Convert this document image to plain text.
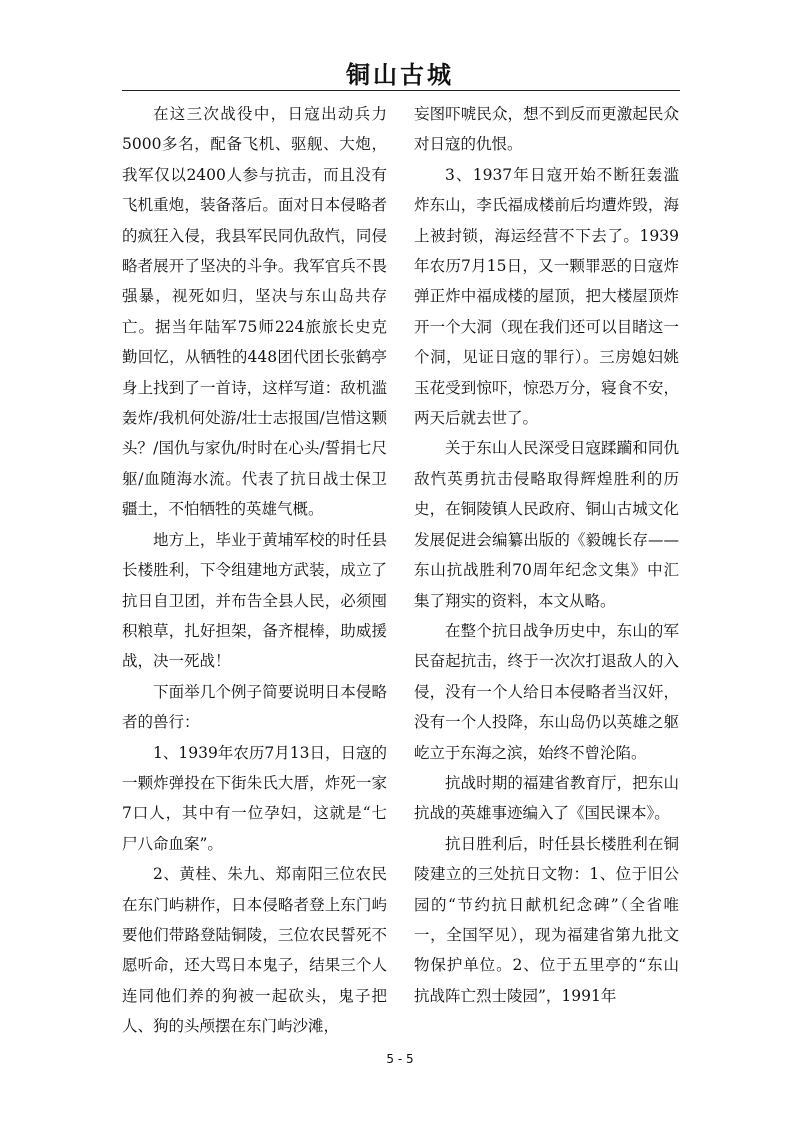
铜山古城

在这三次战役中，日寇出动兵力5000多名，配备飞机、驱舰、大炮，我军仅以2400人参与抗击，而且没有飞机重炮，装备落后。面对日本侵略者的疯狂入侵，我县军民同仇敌忾，同侵略者展开了坚决的斗争。我军官兵不畏强暴，视死如归，坚决与东山岛共存亡。据当年陆军75师224旅旅长史克勤回忆，从牺牲的448团代团长张鹤亭身上找到了一首诗，这样写道：敌机滥轰炸/我机何处游/壮士志报国/岂惜这颗头？/国仇与家仇/时时在心头/誓捐七尺躯/血随海水流。代表了抗日战士保卫疆土，不怕牺牲的英雄气概。

地方上，毕业于黄埔军校的时任县长楼胜利，下令组建地方武装，成立了抗日自卫团，并布告全县人民，必须囤积粮草，扎好担架，备齐棍棒，助威援战，决一死战！

下面举几个例子简要说明日本侵略者的兽行：

1、1939年农历7月13日，日寇的一颗炸弹投在下街朱氏大厝，炸死一家7口人，其中有一位孕妇，这就是“七尸八命血案”。

2、黄桂、朱九、郑南阳三位农民在东门屿耕作，日本侵略者登上东门屿要他们带路登陆铜陵，三位农民誓死不愿听命，还大骂日本鬼子，结果三个人连同他们养的狗被一起砍头，鬼子把人、狗的头颅摆在东门屿沙滩，

妄图吓唬民众，想不到反而更激起民众对日寇的仇恨。

3、1937年日寇开始不断狂轰滥炸东山，李氏福成楼前后均遭炸毁，海上被封锁，海运经营不下去了。1939年农历7月15日，又一颗罪恶的日寇炸弹正炸中福成楼的屋顶，把大楼屋顶炸开一个大洞（现在我们还可以目睹这一个洞，见证日寇的罪行）。三房媳妇姚玉花受到惊吓，惊恐万分，寝食不安，两天后就去世了。

关于东山人民深受日寇蹂躏和同仇敌忾英勇抗击侵略取得辉煌胜利的历史，在铜陵镇人民政府、铜山古城文化发展促进会编纂出版的《毅魄长存——东山抗战胜利70周年纪念文集》中汇集了翔实的资料，本文从略。

在整个抗日战争历史中，东山的军民奋起抗击，终于一次次打退敌人的入侵，没有一个人给日本侵略者当汉奸，没有一个人投降，东山岛仍以英雄之躯屹立于东海之滨，始终不曾沦陷。

抗战时期的福建省教育厅，把东山抗战的英雄事迹编入了《国民课本》。

抗日胜利后，时任县长楼胜利在铜陵建立的三处抗日文物：1、位于旧公园的“节约抗日献机纪念碑”（全省唯一，全国罕见），现为福建省第九批文物保护单位。2、位于五里亭的“东山抗战阵亡烈士陵园”，1991年

5 - 5
